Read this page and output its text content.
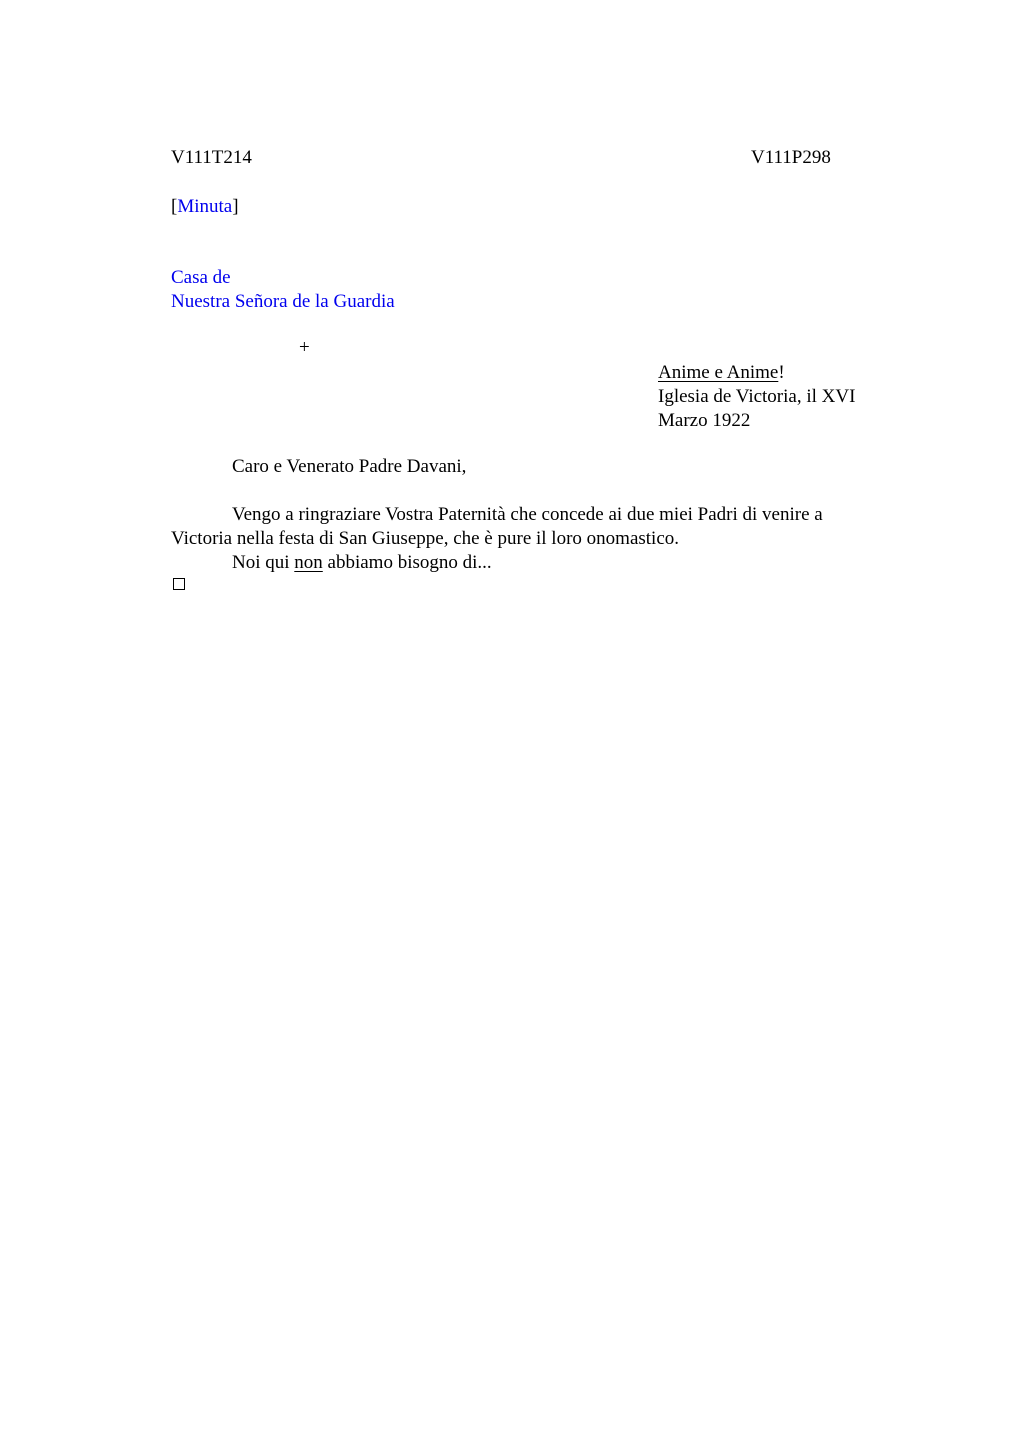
V111T214	V111P298
[Minuta]
Casa de
Nuestra Señora de la Guardia
+
Anime e Anime!
Iglesia de Victoria, il XVI
Marzo 1922
Caro e Venerato Padre Davani,
Vengo a ringraziare Vostra Paternità che concede ai due miei Padri di venire a Victoria nella festa di San Giuseppe, che è pure il loro onomastico.
Noi qui non abbiamo bisogno di...
